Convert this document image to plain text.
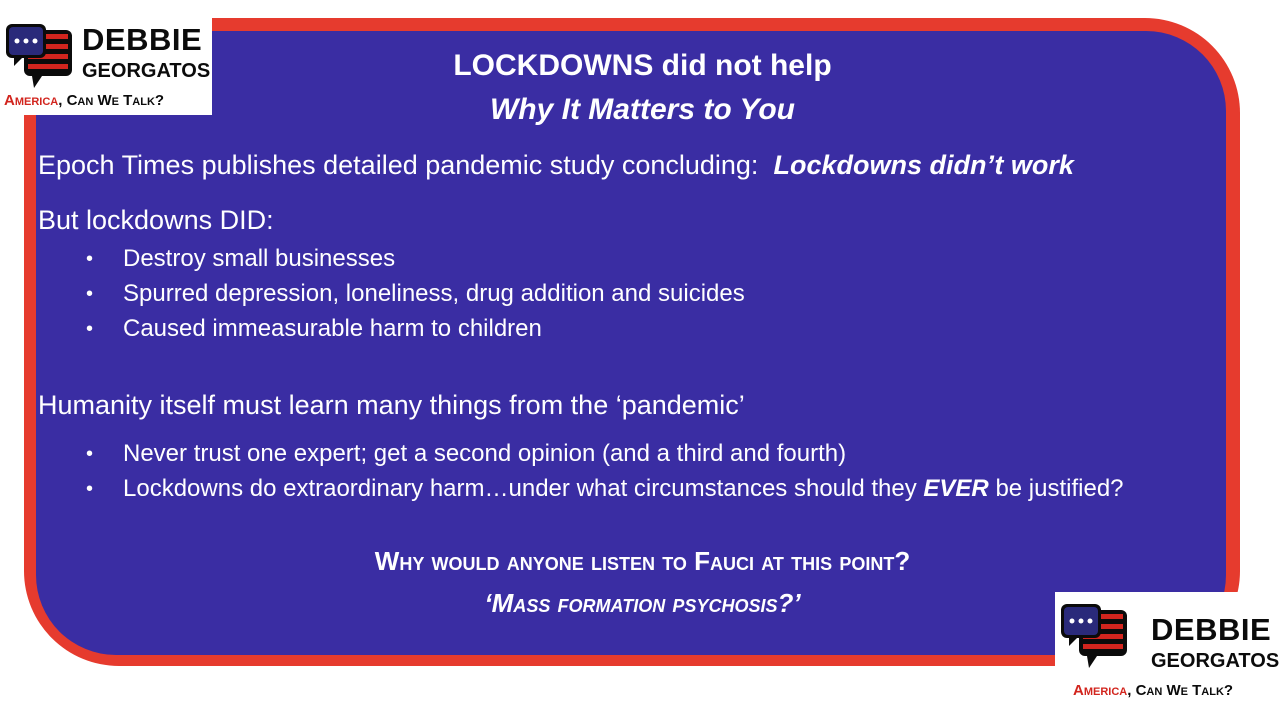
LOCKDOWNS did not help
Why It Matters to You
Epoch Times publishes detailed pandemic study concluding: Lockdowns didn’t work
But lockdowns DID:
• Destroy small businesses
• Spurred depression, loneliness, drug addition and suicides
• Caused immeasurable harm to children
Humanity itself must learn many things from the ‘pandemic’
• Never trust one expert; get a second opinion (and a third and fourth)
• Lockdowns do extraordinary harm…under what circumstances should they EVER be justified?
Why would anyone listen to Fauci at this point?
‘Mass formation psychosis?’
DEBBIE
GEORGATOS
America, Can We Talk?
DEBBIE
GEORGATOS
America, Can We Talk?
